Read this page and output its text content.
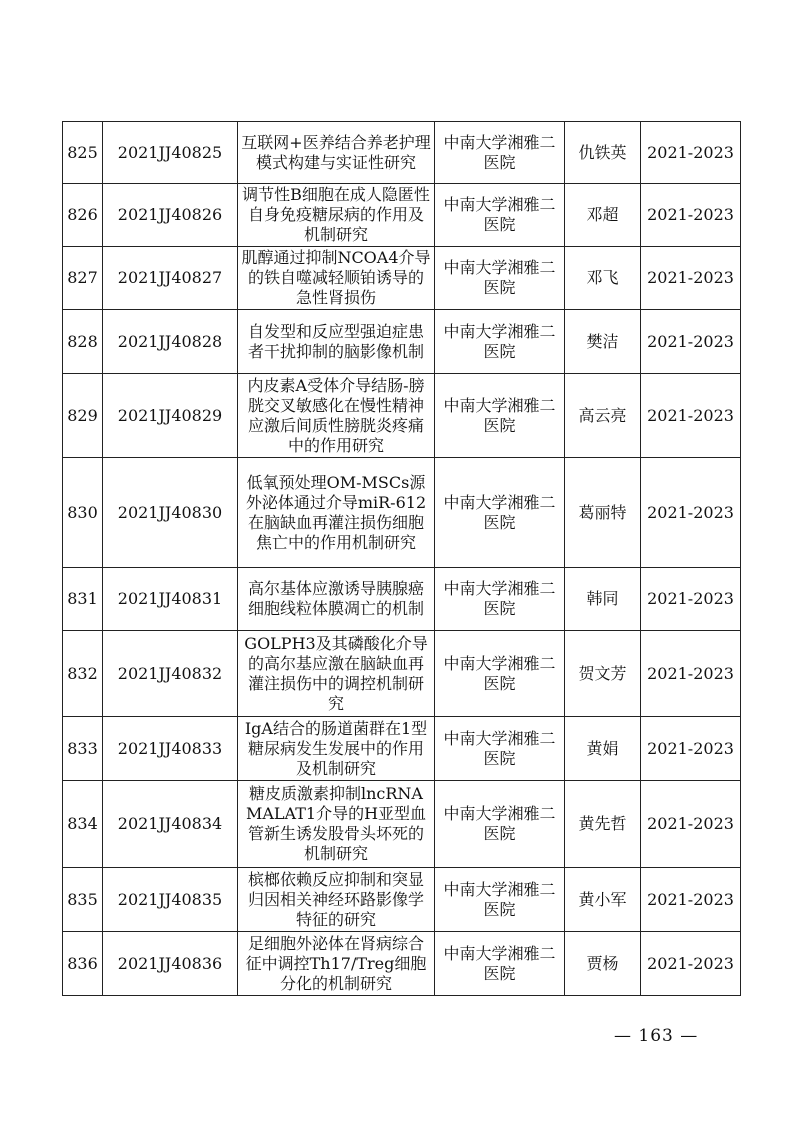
825	2021JJ40825	互联网+医养结合养老护理模式构建与实证性研究	中南大学湘雅二医院	仇铁英	2021-2023
826	2021JJ40826	调节性B细胞在成人隐匿性自身免疫糖尿病的作用及机制研究	中南大学湘雅二医院	邓超	2021-2023
827	2021JJ40827	肌醇通过抑制NCOA4介导的铁自噬减轻顺铂诱导的急性肾损伤	中南大学湘雅二医院	邓飞	2021-2023
828	2021JJ40828	自发型和反应型强迫症患者干扰抑制的脑影像机制	中南大学湘雅二医院	樊洁	2021-2023
829	2021JJ40829	内皮素A受体介导结肠-膀胱交叉敏感化在慢性精神应激后间质性膀胱炎疼痛中的作用研究	中南大学湘雅二医院	高云亮	2021-2023
830	2021JJ40830	低氧预处理OM-MSCs源外泌体通过介导miR-612在脑缺血再灌注损伤细胞焦亡中的作用机制研究	中南大学湘雅二医院	葛丽特	2021-2023
831	2021JJ40831	高尔基体应激诱导胰腺癌细胞线粒体膜凋亡的机制	中南大学湘雅二医院	韩同	2021-2023
832	2021JJ40832	GOLPH3及其磷酸化介导的高尔基应激在脑缺血再灌注损伤中的调控机制研究	中南大学湘雅二医院	贺文芳	2021-2023
833	2021JJ40833	IgA结合的肠道菌群在1型糖尿病发生发展中的作用及机制研究	中南大学湘雅二医院	黄娟	2021-2023
834	2021JJ40834	糖皮质激素抑制lncRNA MALAT1介导的H亚型血管新生诱发股骨头坏死的机制研究	中南大学湘雅二医院	黄先哲	2021-2023
835	2021JJ40835	槟榔依赖反应抑制和突显归因相关神经环路影像学特征的研究	中南大学湘雅二医院	黄小军	2021-2023
836	2021JJ40836	足细胞外泌体在肾病综合征中调控Th17/Treg细胞分化的机制研究	中南大学湘雅二医院	贾杨	2021-2023
— 163 —
